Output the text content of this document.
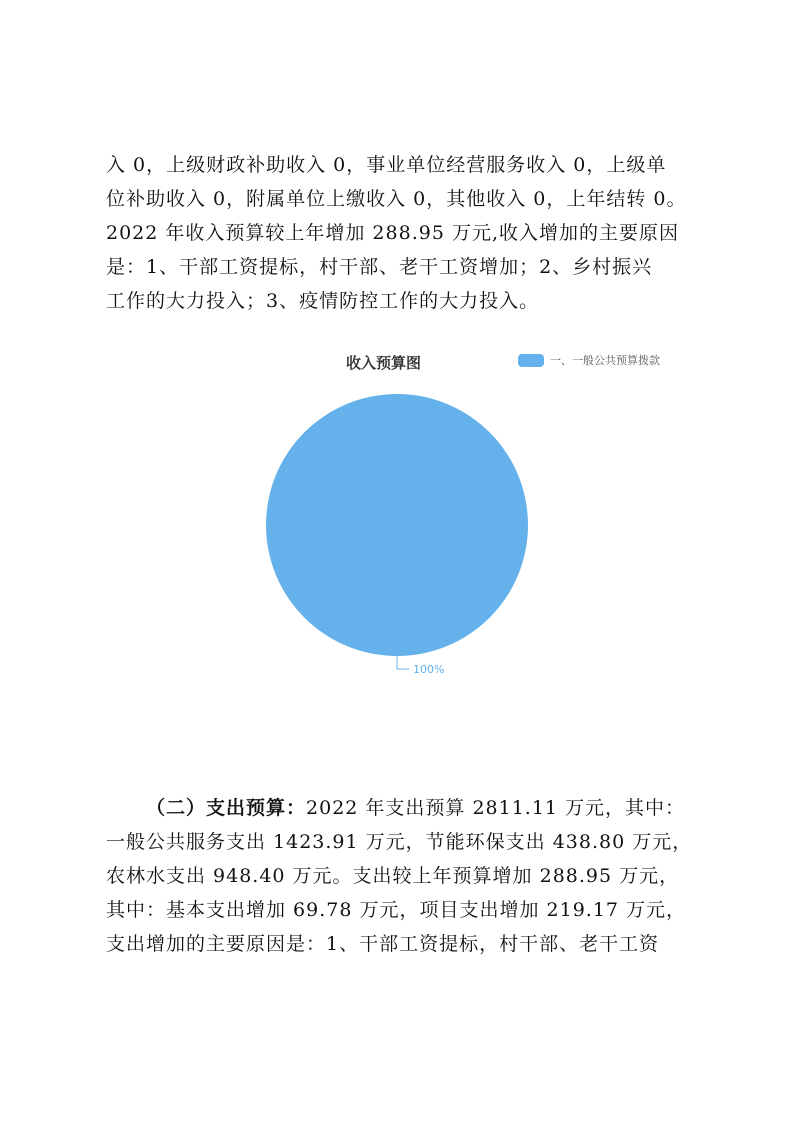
入 0，上级财政补助收入 0，事业单位经营服务收入 0，上级单
位补助收入 0，附属单位上缴收入 0，其他收入 0，上年结转 0。
2022 年收入预算较上年增加 288.95 万元,收入增加的主要原因
是：1、干部工资提标，村干部、老干工资增加；2、乡村振兴
工作的大力投入；3、疫情防控工作的大力投入。
100%
收入预算图	一、一般公共预算拨款
（二）支出预算：2022 年支出预算 2811.11 万元，其中：
一般公共服务支出 1423.91 万元，节能环保支出 438.80 万元，
农林水支出 948.40 万元。支出较上年预算增加 288.95 万元，
其中：基本支出增加 69.78 万元，项目支出增加 219.17 万元，
支出增加的主要原因是：1、干部工资提标，村干部、老干工资
